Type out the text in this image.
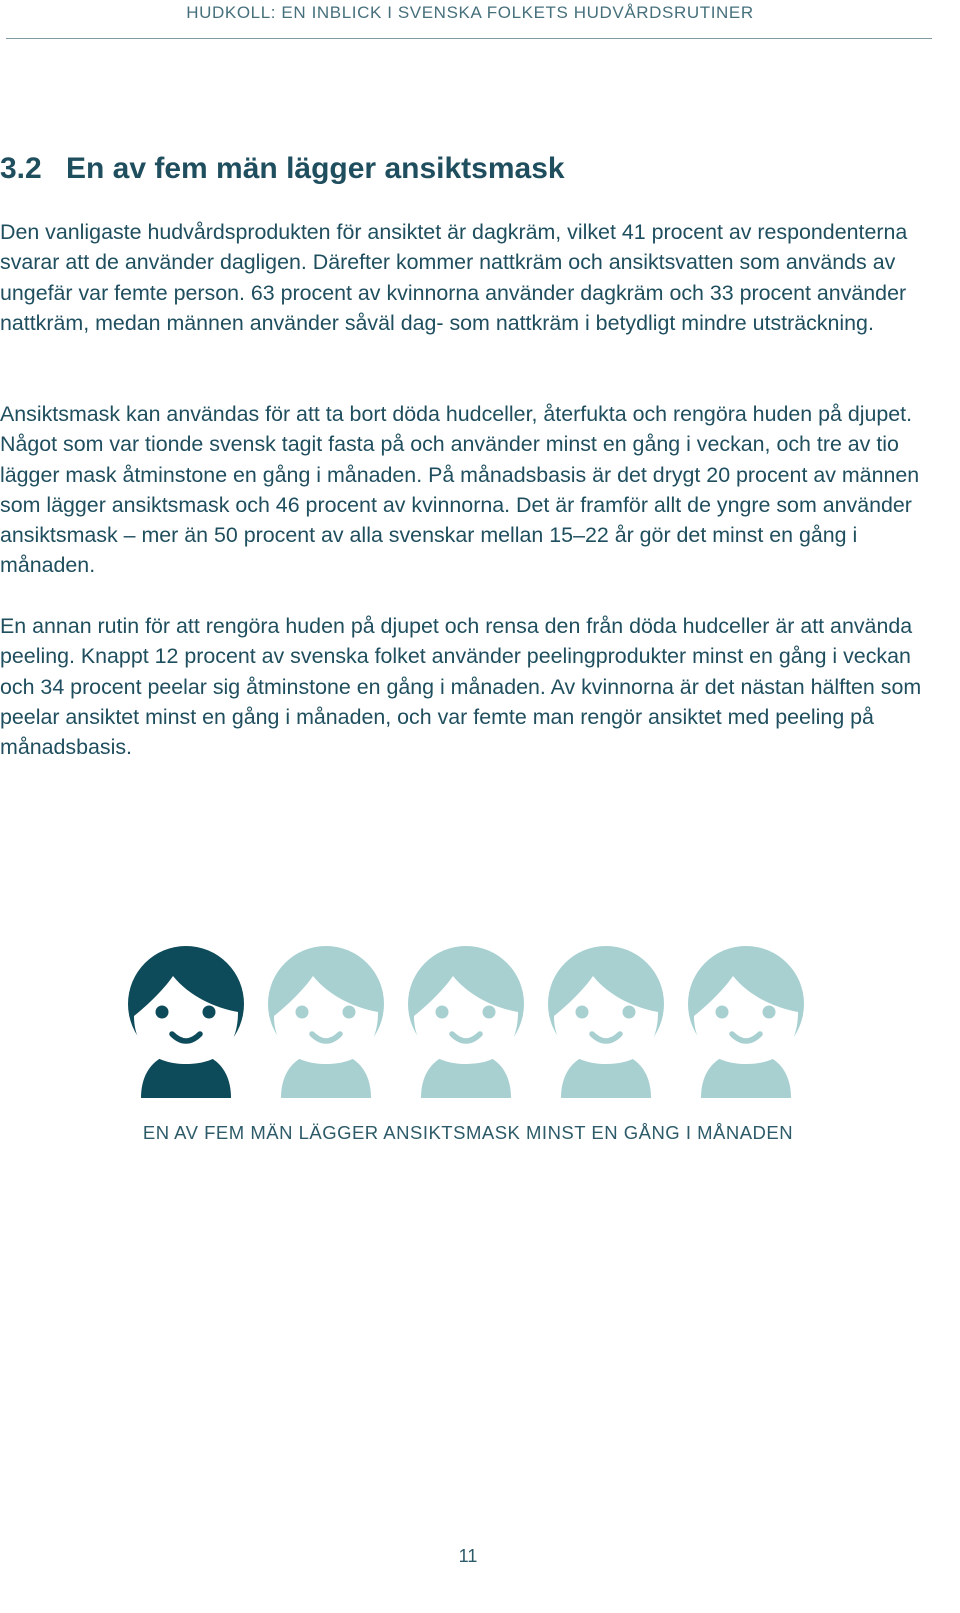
HUDKOLL: EN INBLICK I SVENSKA FOLKETS HUDVÅRDSRUTINER
3.2 En av fem män lägger ansiktsmask

Den vanligaste hudvårdsprodukten för ansiktet är dagkräm, vilket 41 procent av respondenterna svarar att de använder dagligen. Därefter kommer nattkräm och ansiktsvatten som används av ungefär var femte person. 63 procent av kvinnorna använder dagkräm och 33 procent använder nattkräm, medan männen använder såväl dag- som nattkräm i betydligt mindre utsträckning.

Ansiktsmask kan användas för att ta bort döda hudceller, återfukta och rengöra huden på djupet. Något som var tionde svensk tagit fasta på och använder minst en gång i veckan, och tre av tio lägger mask åtminstone en gång i månaden. På månadsbasis är det drygt 20 procent av männen som lägger ansiktsmask och 46 procent av kvinnorna. Det är framför allt de yngre som använder ansiktsmask – mer än 50 procent av alla svenskar mellan 15–22 år gör det minst en gång i månaden.

En annan rutin för att rengöra huden på djupet och rensa den från döda hudceller är att använda peeling. Knappt 12 procent av svenska folket använder peelingprodukter minst en gång i veckan och 34 procent peelar sig åtminstone en gång i månaden. Av kvinnorna är det nästan hälften som peelar ansiktet minst en gång i månaden, och var femte man rengör ansiktet med peeling på månadsbasis.

EN AV FEM MÄN LÄGGER ANSIKTSMASK MINST EN GÅNG I MÅNADEN
11
